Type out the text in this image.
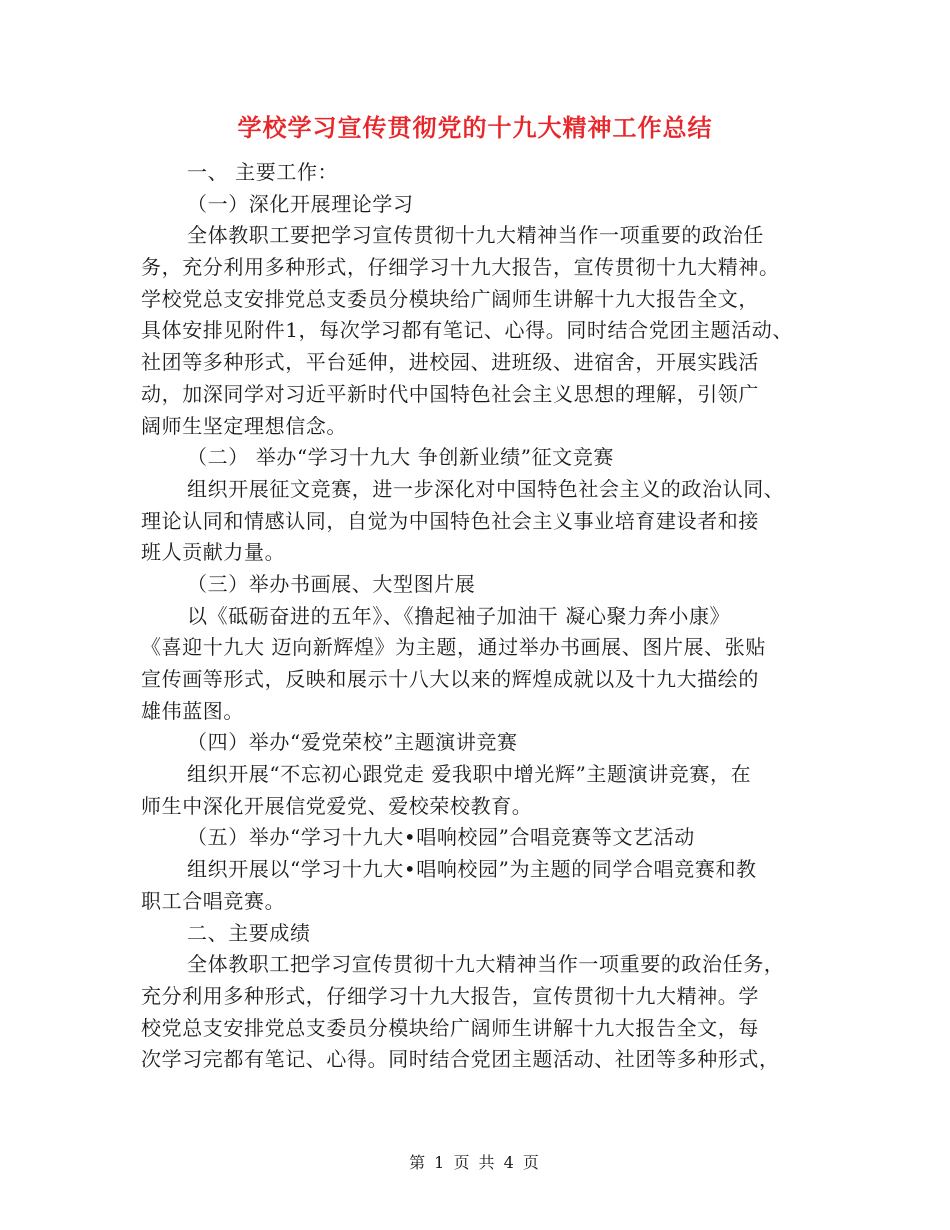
学校学习宣传贯彻党的十九大精神工作总结
一、 主要工作：
（一）深化开展理论学习
全体教职工要把学习宣传贯彻十九大精神当作一项重要的政治任
务，充分利用多种形式，仔细学习十九大报告，宣传贯彻十九大精神。
学校党总支安排党总支委员分模块给广阔师生讲解十九大报告全文，
具体安排见附件1，每次学习都有笔记、心得。同时结合党团主题活动、
社团等多种形式，平台延伸，进校园、进班级、进宿舍，开展实践活
动，加深同学对习近平新时代中国特色社会主义思想的理解，引领广
阔师生坚定理想信念。
（二） 举办“学习十九大 争创新业绩”征文竞赛
组织开展征文竞赛，进一步深化对中国特色社会主义的政治认同、
理论认同和情感认同，自觉为中国特色社会主义事业培育建设者和接
班人贡献力量。
（三）举办书画展、大型图片展
以《砥砺奋进的五年》、《撸起袖子加油干 凝心聚力奔小康》
《喜迎十九大 迈向新辉煌》为主题，通过举办书画展、图片展、张贴
宣传画等形式，反映和展示十八大以来的辉煌成就以及十九大描绘的
雄伟蓝图。
（四）举办“爱党荣校”主题演讲竞赛
组织开展“不忘初心跟党走 爱我职中增光辉”主题演讲竞赛，在
师生中深化开展信党爱党、爱校荣校教育。
（五）举办“学习十九大•唱响校园”合唱竞赛等文艺活动
组织开展以“学习十九大•唱响校园”为主题的同学合唱竞赛和教
职工合唱竞赛。
二、主要成绩
全体教职工把学习宣传贯彻十九大精神当作一项重要的政治任务，
充分利用多种形式，仔细学习十九大报告，宣传贯彻十九大精神。学
校党总支安排党总支委员分模块给广阔师生讲解十九大报告全文，每
次学习完都有笔记、心得。同时结合党团主题活动、社团等多种形式，
第 1 页 共 4 页
